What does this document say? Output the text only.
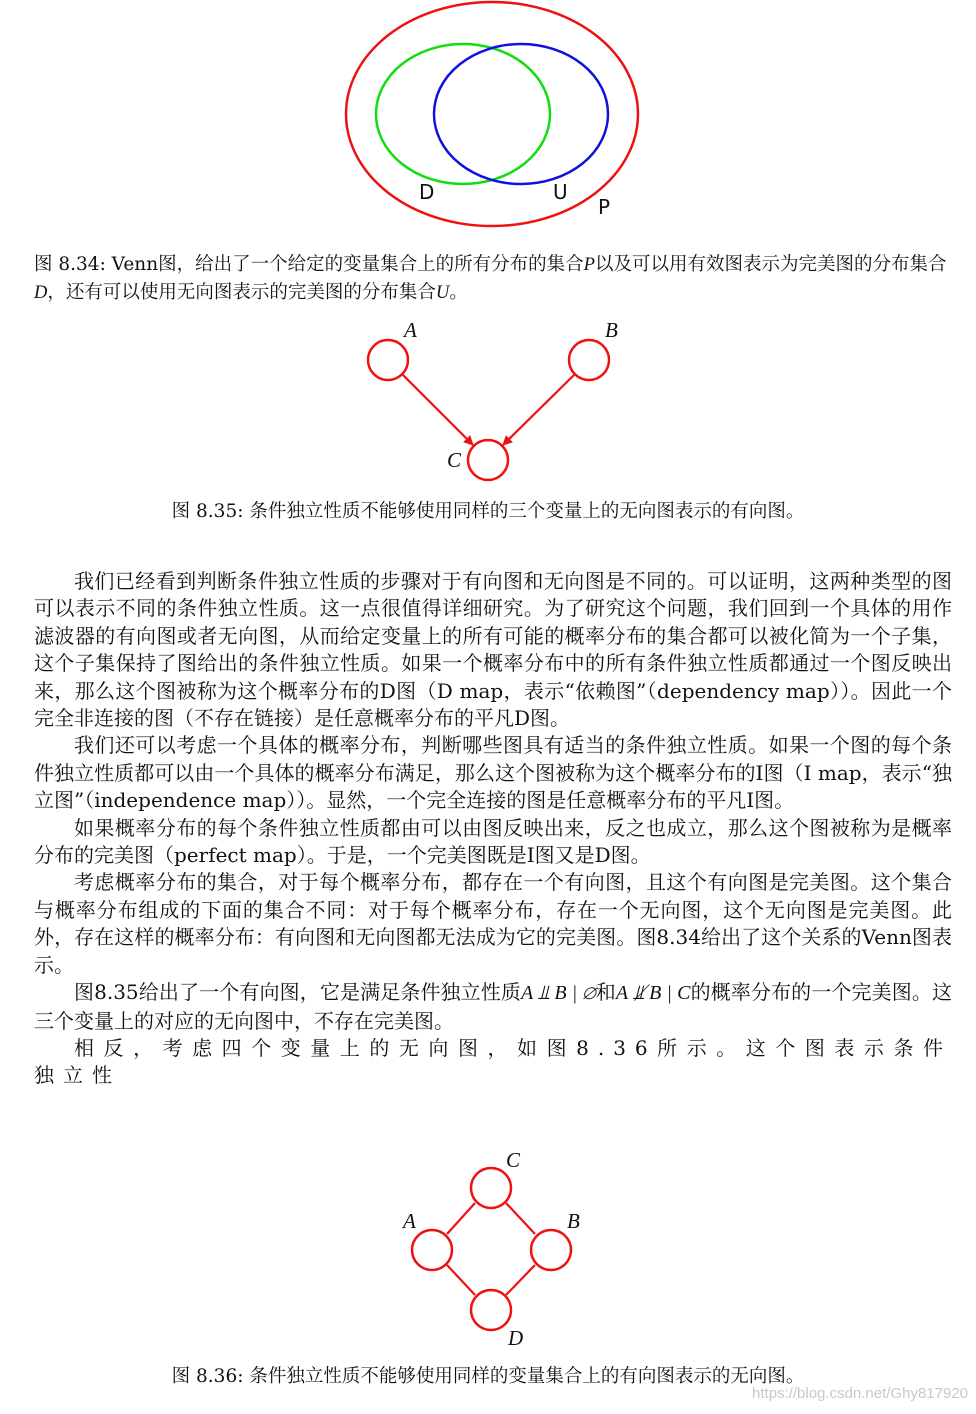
D	U
P
图 8.34: Venn图，给出了一个给定的变量集合上的所有分布的集合P以及可以用有效图表示为完美图的分布集合D，还有可以使用无向图表示的完美图的分布集合U。
A	B
C
图 8.35: 条件独立性质不能够使用同样的三个变量上的无向图表示的有向图。

我们已经看到判断条件独立性质的步骤对于有向图和无向图是不同的。可以证明，这两种类型的图可以表示不同的条件独立性质。这一点很值得详细研究。为了研究这个问题，我们回到一个具体的用作滤波器的有向图或者无向图，从而给定变量上的所有可能的概率分布的集合都可以被化简为一个子集，这个子集保持了图给出的条件独立性质。如果一个概率分布中的所有条件独立性质都通过一个图反映出来，那么这个图被称为这个概率分布的D图（D map，表示“依赖图”（dependency map））。因此一个完全非连接的图（不存在链接）是任意概率分布的平凡D图。

我们还可以考虑一个具体的概率分布，判断哪些图具有适当的条件独立性质。如果一个图的每个条件独立性质都可以由一个具体的概率分布满足，那么这个图被称为这个概率分布的I图（I map，表示“独立图”（independence map））。显然，一个完全连接的图是任意概率分布的平凡I图。

如果概率分布的每个条件独立性质都由可以由图反映出来，反之也成立，那么这个图被称为是概率分布的完美图（perfect map）。于是，一个完美图既是I图又是D图。

考虑概率分布的集合，对于每个概率分布，都存在一个有向图，且这个有向图是完美图。这个集合与概率分布组成的下面的集合不同：对于每个概率分布，存在一个无向图，这个无向图是完美图。此外，存在这样的概率分布：有向图和无向图都无法成为它的完美图。图8.34给出了这个关系的Venn图表示。

图8.35给出了一个有向图，它是满足条件独立性质A ⫫ B | ∅和A ⫫̸ B | C的概率分布的一个完美图。这三个变量上的对应的无向图中，不存在完美图。

相反，考虑四个变量上的无向图，如图8.36所示。这个图表示条件独立性

C
A	B
D
图 8.36: 条件独立性质不能够使用同样的变量集合上的有向图表示的无向图。
https://blog.csdn.net/Ghy817920
